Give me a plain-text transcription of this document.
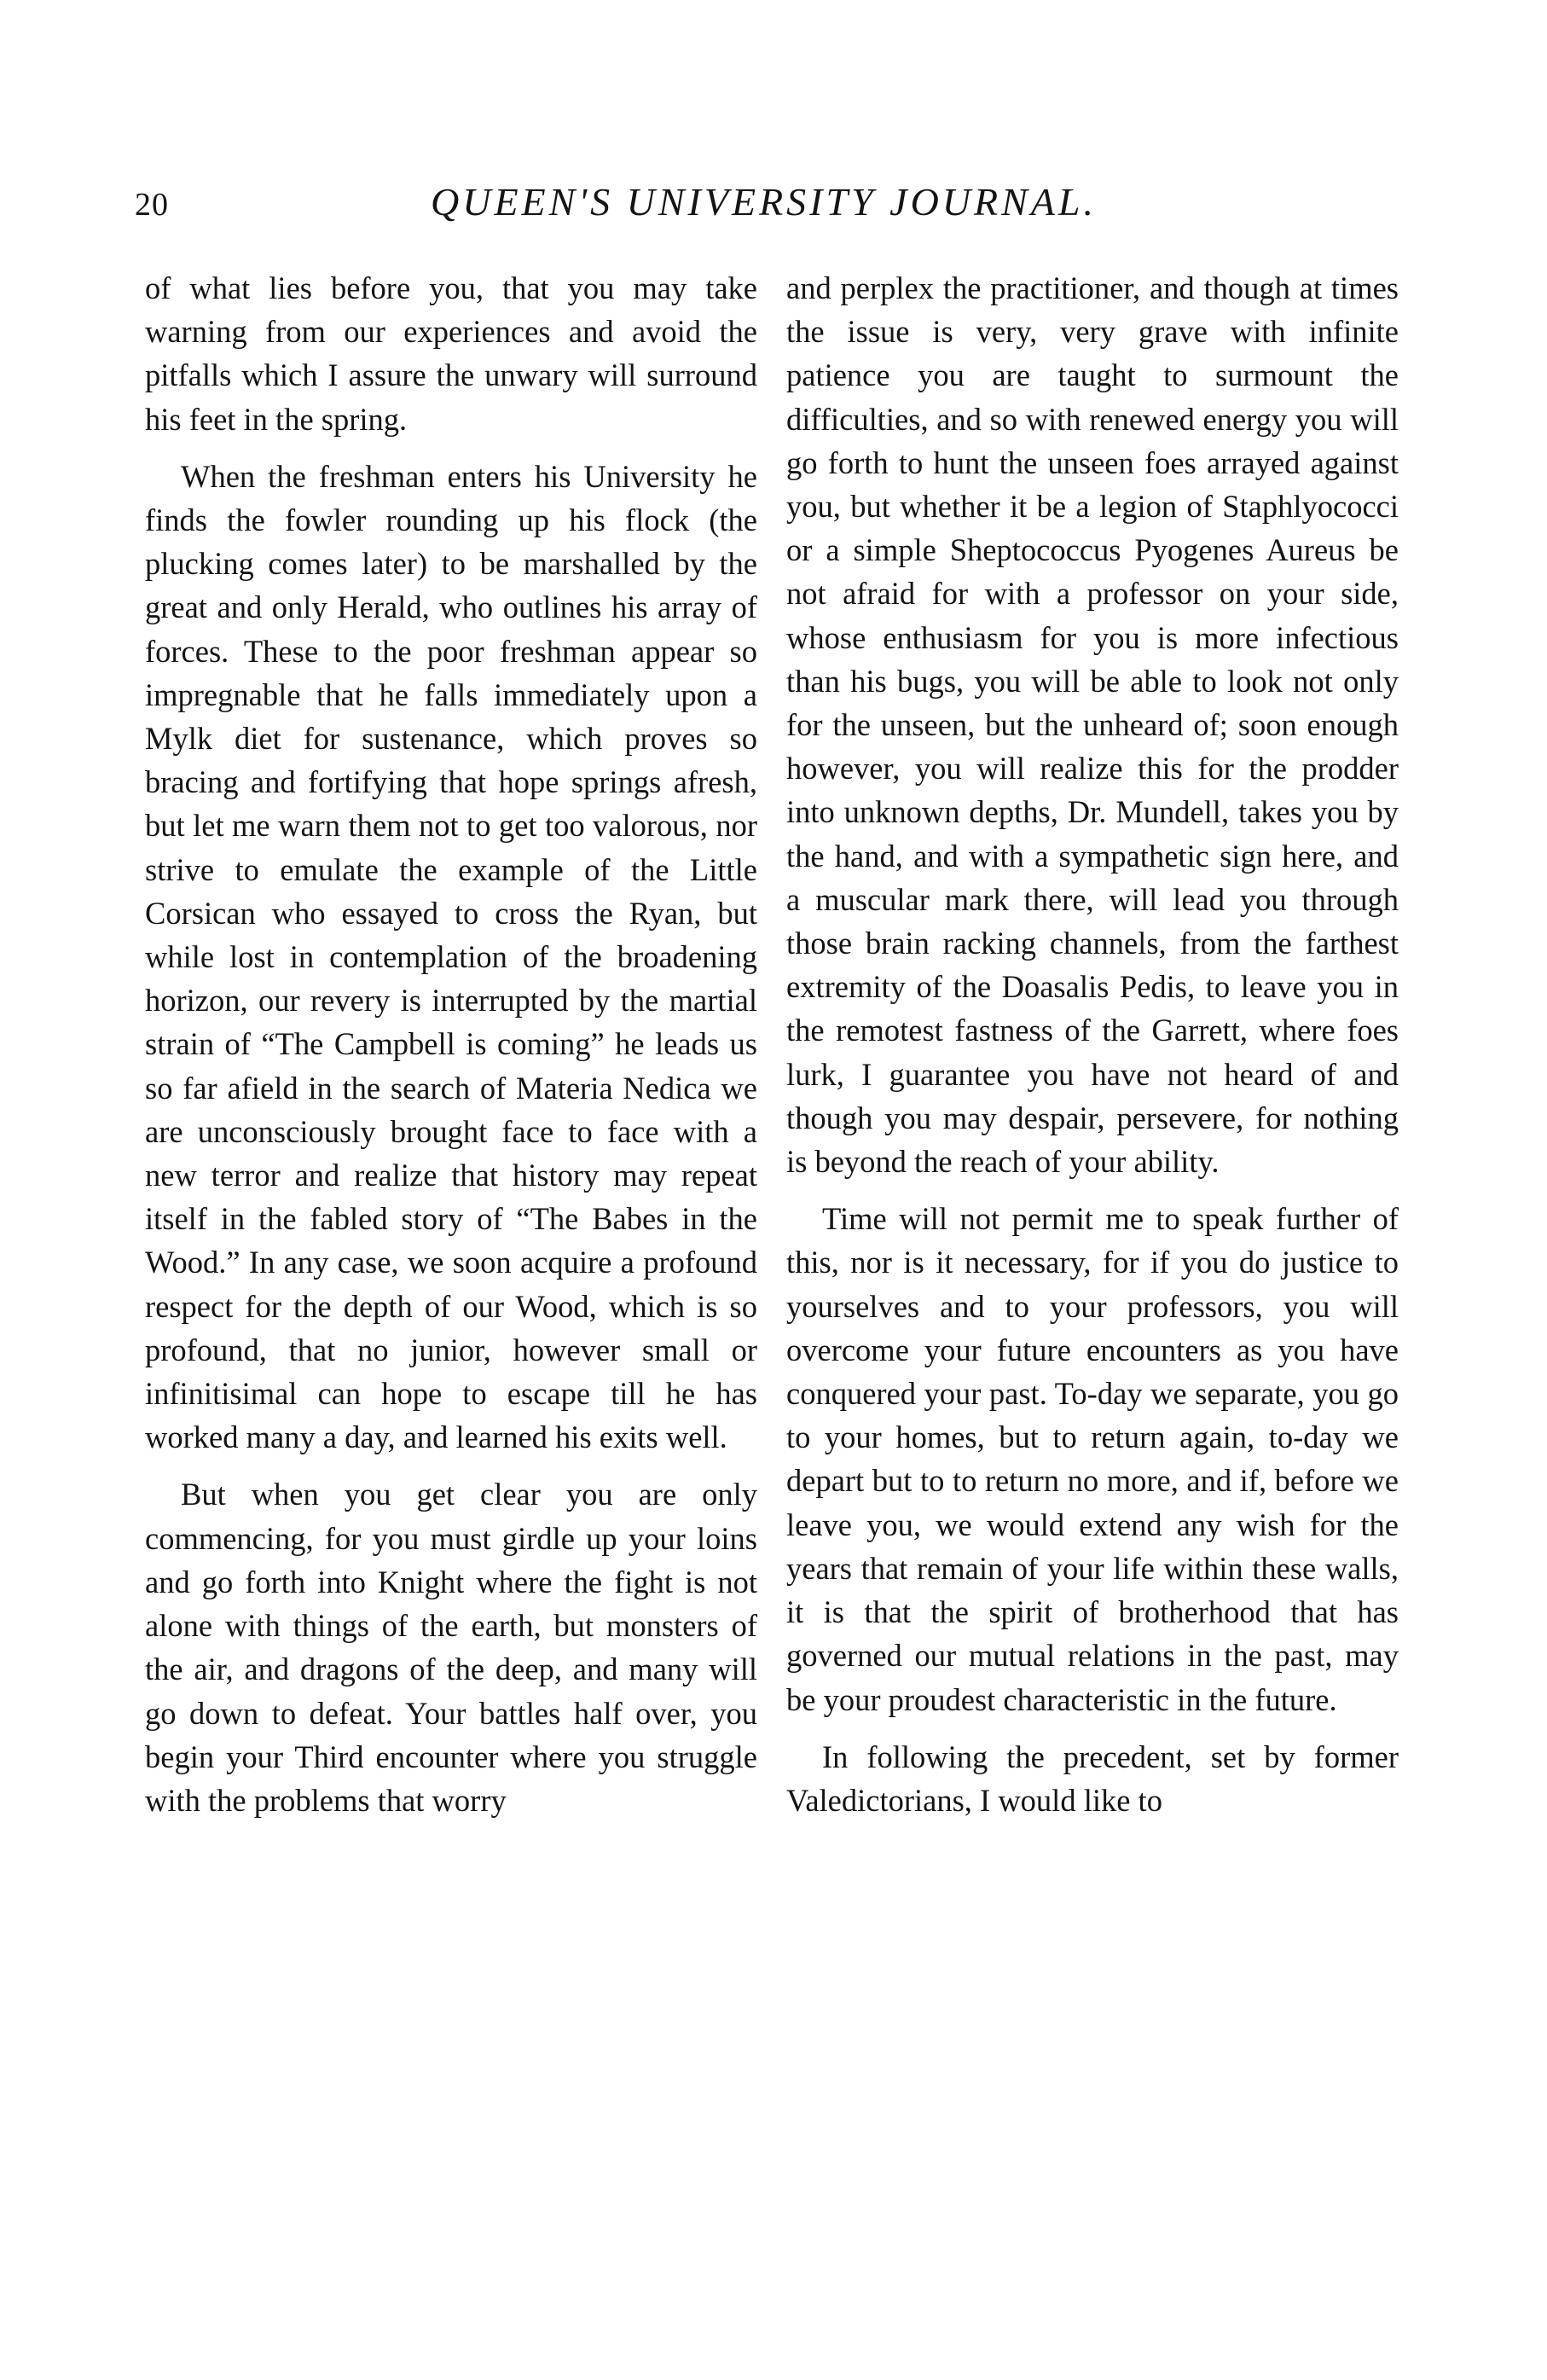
20	QUEEN'S UNIVERSITY JOURNAL.

of what lies before you, that you may take warning from our experiences and avoid the pitfalls which I assure the unwary will surround his feet in the spring.

When the freshman enters his University he finds the fowler rounding up his flock (the plucking comes later) to be marshalled by the great and only Herald, who outlines his array of forces. These to the poor freshman appear so impregnable that he falls immediately upon a Mylk diet for sustenance, which proves so bracing and fortifying that hope springs afresh, but let me warn them not to get too valorous, nor strive to emulate the example of the Little Corsican who essayed to cross the Ryan, but while lost in contemplation of the broadening horizon, our revery is interrupted by the martial strain of “The Campbell is coming” he leads us so far afield in the search of Materia Nedica we are unconsciously brought face to face with a new terror and realize that history may repeat itself in the fabled story of “The Babes in the Wood.” In any case, we soon acquire a profound respect for the depth of our Wood, which is so profound, that no junior, however small or infinitisimal can hope to escape till he has worked many a day, and learned his exits well.

But when you get clear you are only commencing, for you must girdle up your loins and go forth into Knight where the fight is not alone with things of the earth, but monsters of the air, and dragons of the deep, and many will go down to defeat. Your battles half over, you begin your Third encounter where you struggle with the problems that worry

and perplex the practitioner, and though at times the issue is very, very grave with infinite patience you are taught to surmount the difficulties, and so with renewed energy you will go forth to hunt the unseen foes arrayed against you, but whether it be a legion of Staphlyococci or a simple Sheptococcus Pyogenes Aureus be not afraid for with a professor on your side, whose enthusiasm for you is more infectious than his bugs, you will be able to look not only for the unseen, but the unheard of; soon enough however, you will realize this for the prodder into unknown depths, Dr. Mundell, takes you by the hand, and with a sympathetic sign here, and a muscular mark there, will lead you through those brain racking channels, from the farthest extremity of the Doasalis Pedis, to leave you in the remotest fastness of the Garrett, where foes lurk, I guarantee you have not heard of and though you may despair, persevere, for nothing is beyond the reach of your ability.

Time will not permit me to speak further of this, nor is it necessary, for if you do justice to yourselves and to your professors, you will overcome your future encounters as you have conquered your past. To-day we separate, you go to your homes, but to return again, to-day we depart but to to return no more, and if, before we leave you, we would extend any wish for the years that remain of your life within these walls, it is that the spirit of brotherhood that has governed our mutual relations in the past, may be your proudest characteristic in the future.

In following the precedent, set by former Valedictorians, I would like to
